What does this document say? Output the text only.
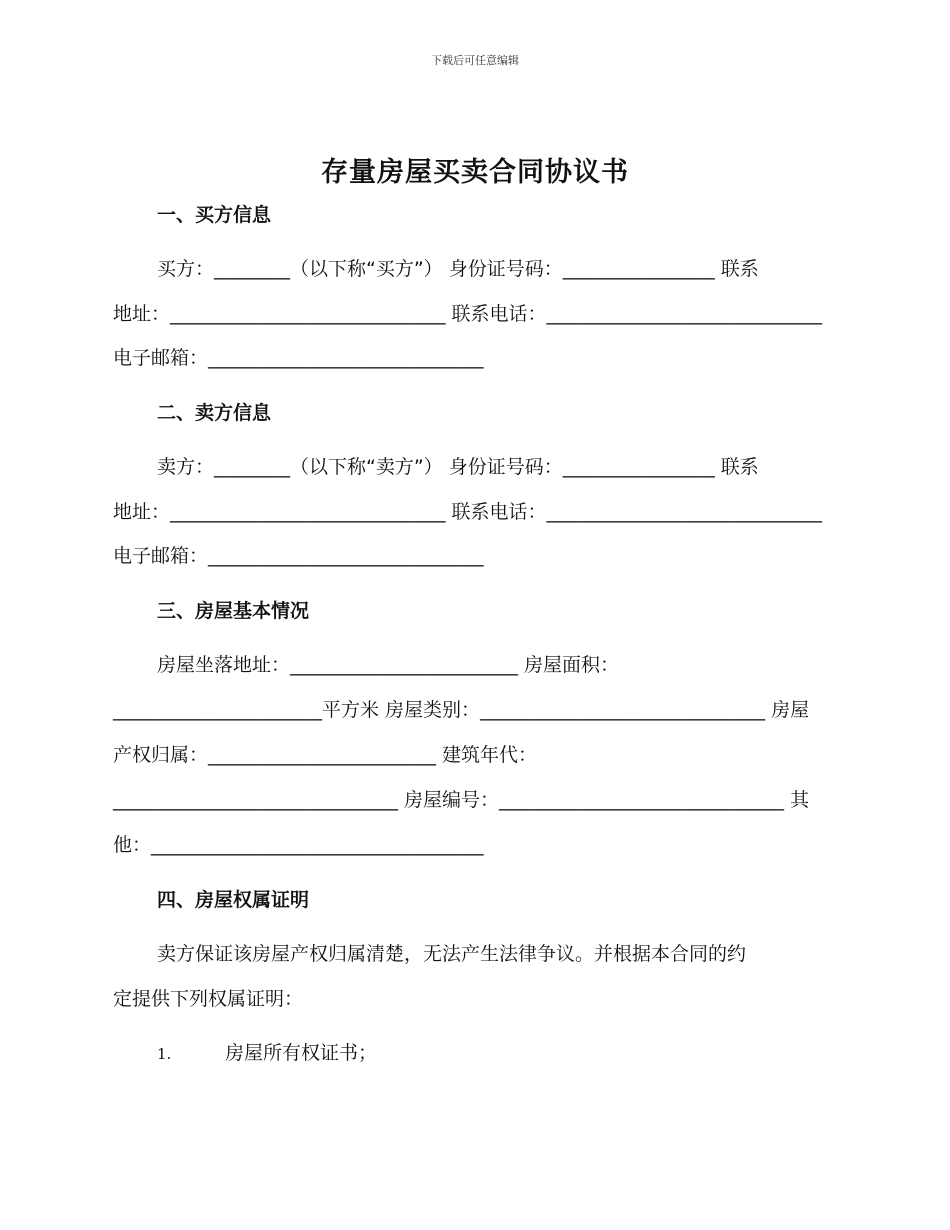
下载后可任意编辑
存量房屋买卖合同协议书
一、买方信息
买方：________（以下称“买方”） 身份证号码：________________ 联系
地址：_____________________________ 联系电话：_____________________________
电子邮箱：_____________________________
二、卖方信息
卖方：________（以下称“卖方”） 身份证号码：________________ 联系
地址：_____________________________ 联系电话：_____________________________
电子邮箱：_____________________________
三、房屋基本情况
房屋坐落地址：________________________ 房屋面积：
______________________平方米 房屋类别：______________________________ 房屋
产权归属：________________________ 建筑年代：
______________________________ 房屋编号：______________________________ 其
他：___________________________________
四、房屋权属证明
卖方保证该房屋产权归属清楚，无法产生法律争议。并根据本合同的约
定提供下列权属证明：
1.	房屋所有权证书；
